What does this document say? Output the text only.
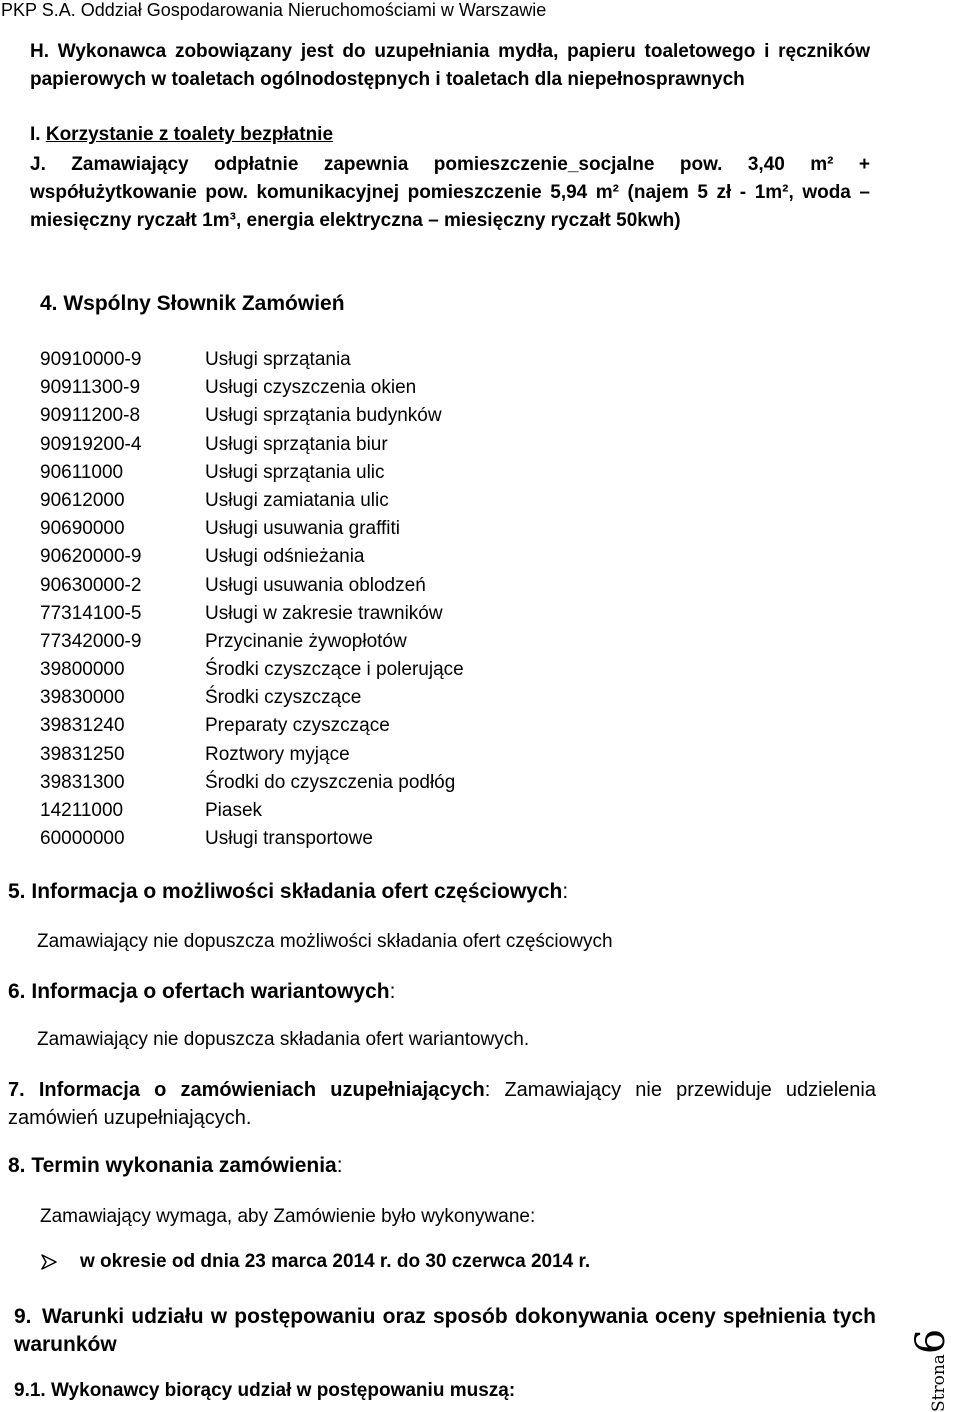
PKP S.A. Oddział Gospodarowania Nieruchomościami w Warszawie
H. Wykonawca zobowiązany jest do uzupełniania mydła, papieru toaletowego i ręczników papierowych w toaletach ogólnodostępnych i toaletach dla niepełnosprawnych
I. Korzystanie z toalety bezpłatnie
J. Zamawiający odpłatnie zapewnia pomieszczenie_socjalne pow. 3,40 m² + współużytkowanie pow. komunikacyjnej pomieszczenie 5,94 m² (najem 5 zł - 1m², woda – miesięczny ryczałt 1m³, energia elektryczna – miesięczny ryczałt 50kwh)
4. Wspólny Słownik Zamówień
90910000-9	Usługi sprzątania
90911300-9	Usługi czyszczenia okien
90911200-8	Usługi sprzątania budynków
90919200-4	Usługi sprzątania biur
90611000	Usługi sprzątania ulic
90612000	Usługi zamiatania ulic
90690000	Usługi usuwania graffiti
90620000-9	Usługi odśnieżania
90630000-2	Usługi usuwania oblodzeń
77314100-5	Usługi w zakresie trawników
77342000-9	Przycinanie żywopłotów
39800000	Środki czyszczące i polerujące
39830000	Środki czyszczące
39831240	Preparaty czyszczące
39831250	Roztwory myjące
39831300	Środki do czyszczenia podłóg
14211000	Piasek
60000000	Usługi transportowe
5. Informacja o możliwości składania ofert częściowych:
Zamawiający nie dopuszcza możliwości składania ofert częściowych
6. Informacja o ofertach wariantowych:
Zamawiający nie dopuszcza składania ofert wariantowych.
7. Informacja o zamówieniach uzupełniających: Zamawiający nie przewiduje udzielenia zamówień uzupełniających.
8. Termin wykonania zamówienia:
Zamawiający wymaga, aby Zamówienie było wykonywane:
w okresie od dnia 23 marca 2014 r. do 30 czerwca 2014 r.
9. Warunki udziału w postępowaniu oraz sposób dokonywania oceny spełnienia tych warunków
9.1. Wykonawcy biorący udział w postępowaniu muszą:	Strona6
